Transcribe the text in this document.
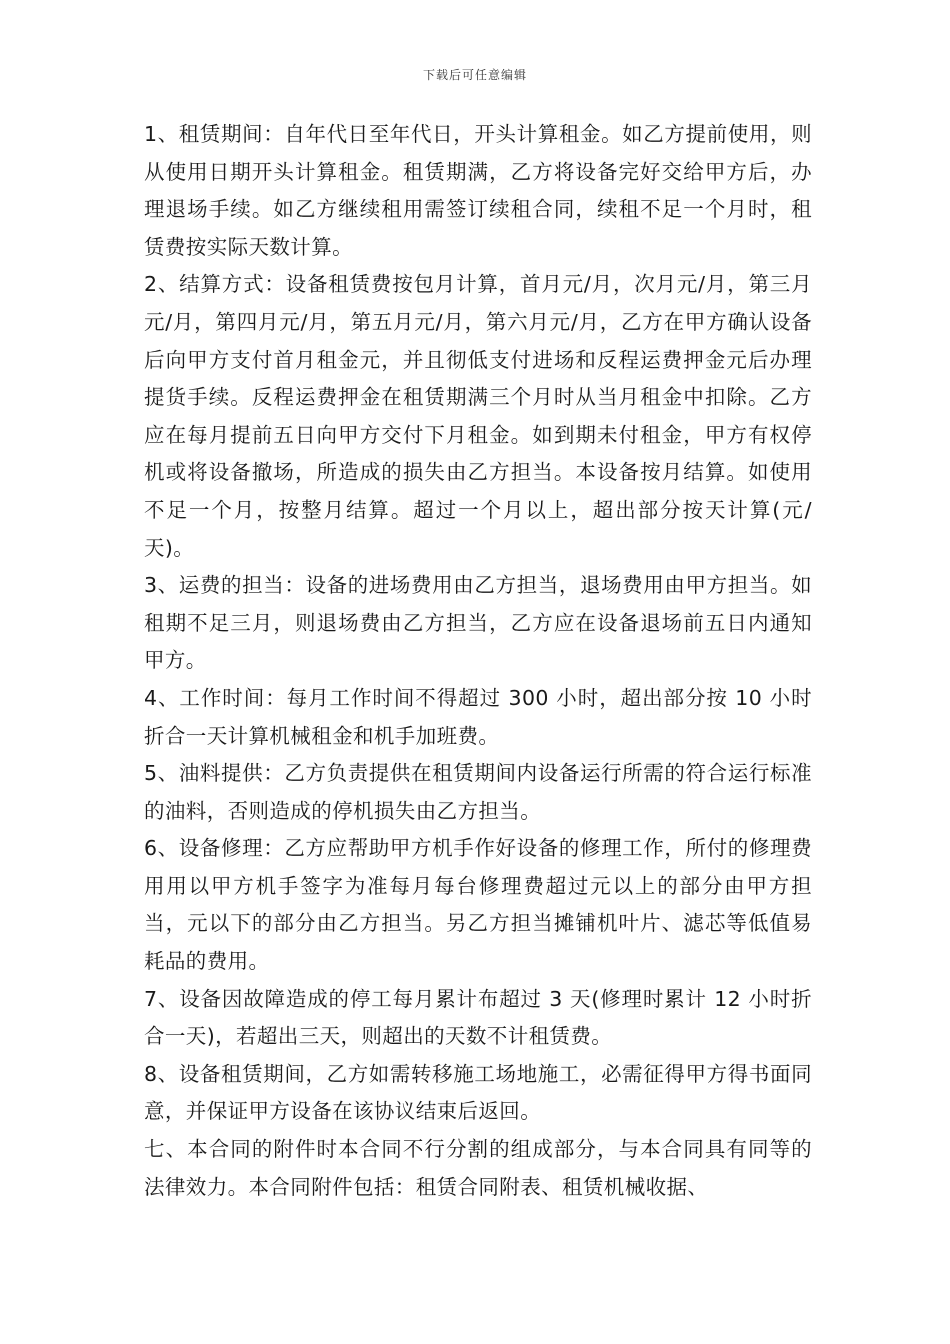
下载后可任意编辑

1、租赁期间：自年代日至年代日，开头计算租金。如乙方提前使用，则从使用日期开头计算租金。租赁期满，乙方将设备完好交给甲方后，办理退场手续。如乙方继续租用需签订续租合同，续租不足一个月时，租赁费按实际天数计算。

2、结算方式：设备租赁费按包月计算，首月元/月，次月元/月，第三月元/月，第四月元/月，第五月元/月，第六月元/月，乙方在甲方确认设备后向甲方支付首月租金元，并且彻低支付进场和反程运费押金元后办理提货手续。反程运费押金在租赁期满三个月时从当月租金中扣除。乙方应在每月提前五日向甲方交付下月租金。如到期未付租金，甲方有权停机或将设备撤场，所造成的损失由乙方担当。本设备按月结算。如使用不足一个月，按整月结算。超过一个月以上，超出部分按天计算(元/天)。

3、运费的担当：设备的进场费用由乙方担当，退场费用由甲方担当。如租期不足三月，则退场费由乙方担当，乙方应在设备退场前五日内通知甲方。

4、工作时间：每月工作时间不得超过 300 小时，超出部分按 10 小时折合一天计算机械租金和机手加班费。

5、油料提供：乙方负责提供在租赁期间内设备运行所需的符合运行标准的油料，否则造成的停机损失由乙方担当。

6、设备修理：乙方应帮助甲方机手作好设备的修理工作，所付的修理费用用以甲方机手签字为准每月每台修理费超过元以上的部分由甲方担当，元以下的部分由乙方担当。另乙方担当摊铺机叶片、滤芯等低值易耗品的费用。

7、设备因故障造成的停工每月累计布超过 3 天(修理时累计 12 小时折合一天)，若超出三天，则超出的天数不计租赁费。

8、设备租赁期间，乙方如需转移施工场地施工，必需征得甲方得书面同意，并保证甲方设备在该协议结束后返回。

七、本合同的附件时本合同不行分割的组成部分，与本合同具有同等的法律效力。本合同附件包括：租赁合同附表、租赁机械收据、
